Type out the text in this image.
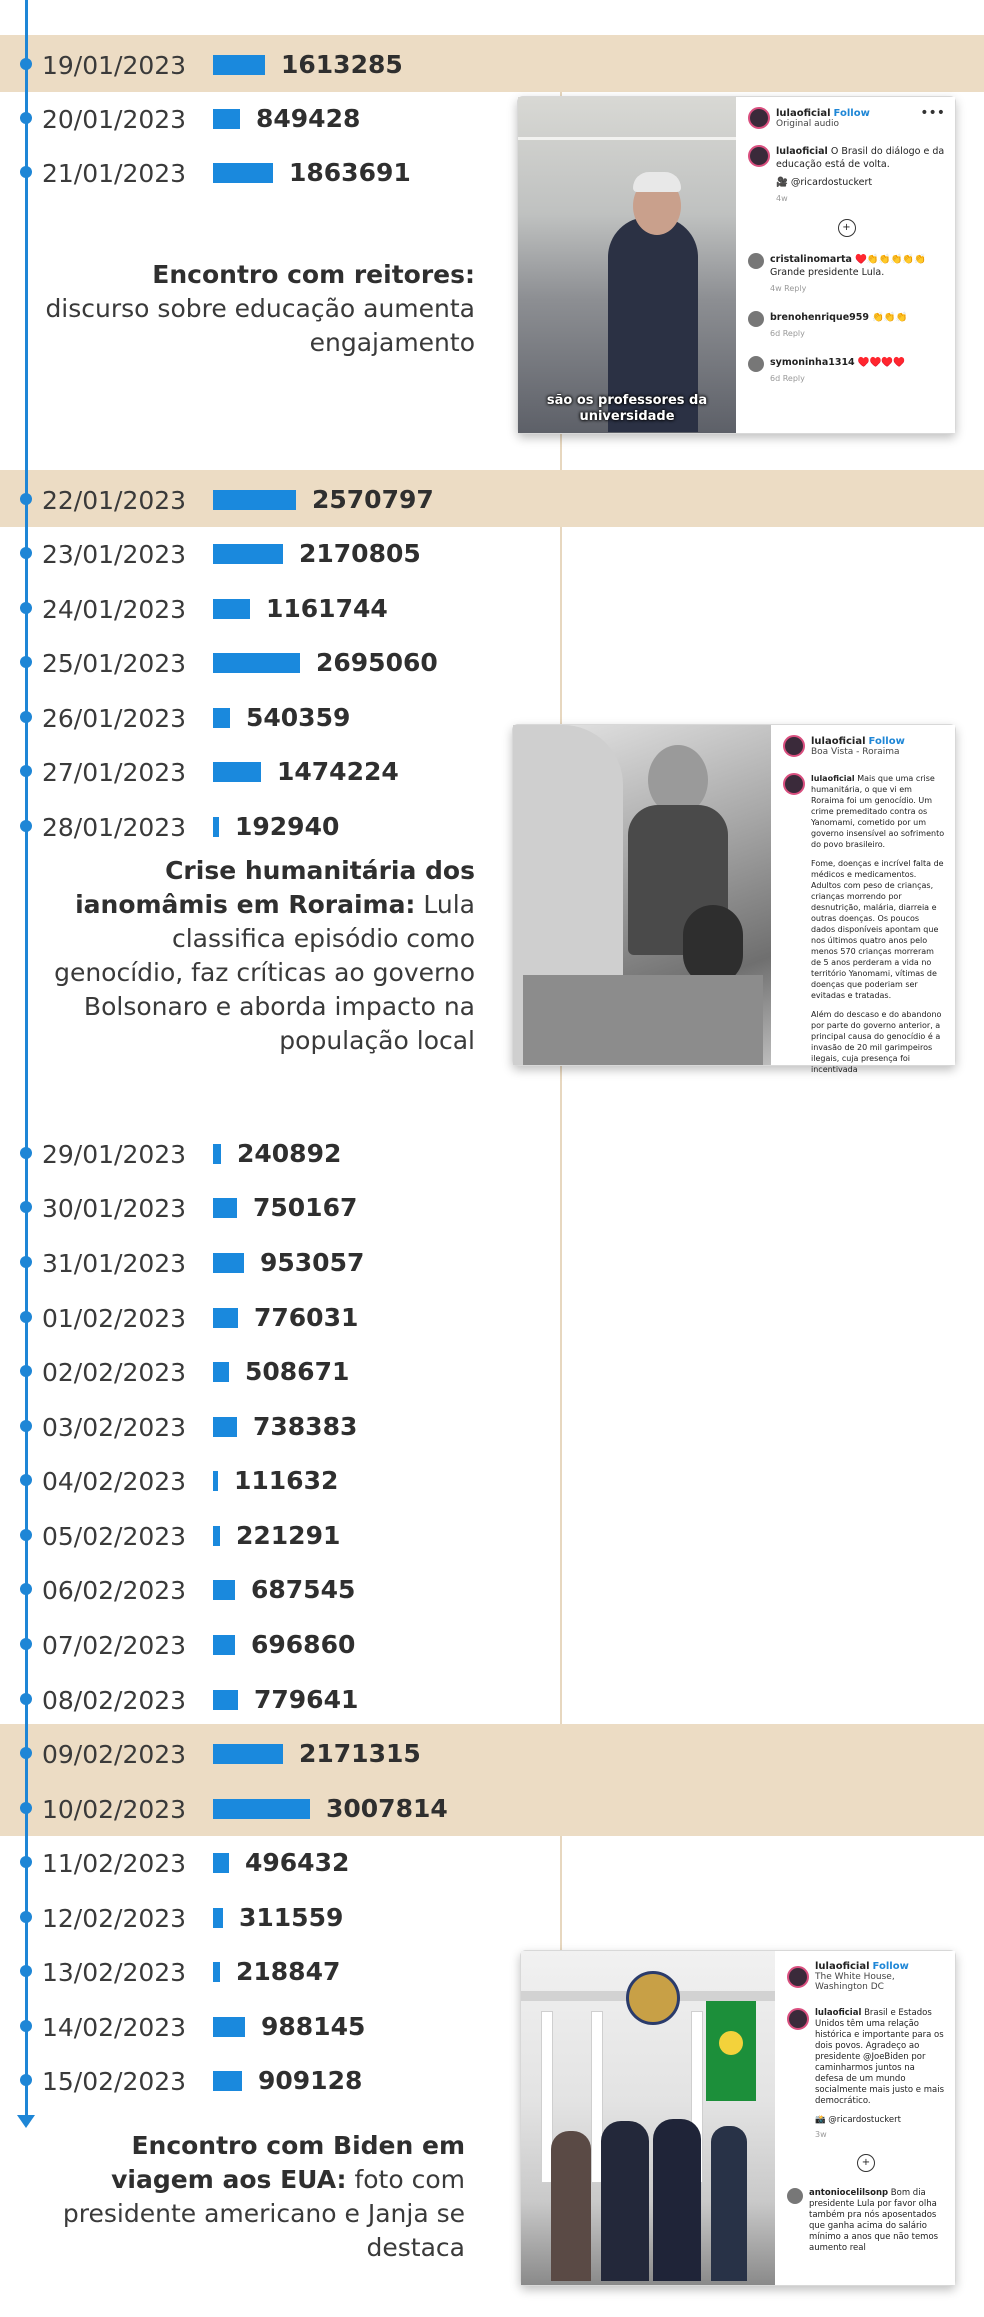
19/01/2023	1613285
20/01/2023	849428
21/01/2023	1863691
22/01/2023	2570797
23/01/2023	2170805
24/01/2023	1161744
25/01/2023	2695060
26/01/2023 540359
27/01/2023	1474224
28/01/2023 192940
29/01/2023 240892
30/01/2023	750167
31/01/2023	953057
01/02/2023	776031
02/02/2023 508671
03/02/2023	738383
04/02/2023 111632
05/02/2023 221291
06/02/2023	687545
07/02/2023	696860
08/02/2023	779641
09/02/2023	2171315
10/02/2023	3007814
11/02/2023 496432
12/02/2023 311559
13/02/2023 218847
14/02/2023	988145
15/02/2023	909128
Encontro com reitores: discurso sobre educação aumenta engajamento
são os professores da universidade
•••
lulaoficial Follow
Original audio
lulaoficial O Brasil do diálogo e da educação está de volta.
🎥 @ricardostuckert
4w
+
cristalinomarta ♥️👏👏👏👏👏 Grande presidente Lula.
4w Reply
brenohenrique959 👏👏👏
6d Reply
symoninha1314 ♥️♥️♥️♥️
6d Reply
Crise humanitária dos ianomâmis em Roraima: Lula classifica episódio como genocídio, faz críticas ao governo Bolsonaro e aborda impacto na população local
lulaoficial Follow
Boa Vista - Roraima
lulaoficial Mais que uma crise humanitária, o que vi em Roraima foi um genocídio. Um crime premeditado contra os Yanomami, cometido por um governo insensível ao sofrimento do povo brasileiro.
Fome, doenças e incrível falta de médicos e medicamentos. Adultos com peso de crianças, crianças morrendo por desnutrição, malária, diarreia e outras doenças. Os poucos dados disponíveis apontam que nos últimos quatro anos pelo menos 570 crianças morreram de 5 anos perderam a vida no território Yanomami, vítimas de doenças que poderiam ser evitadas e tratadas.
Além do descaso e do abandono por parte do governo anterior, a principal causa do genocídio é a invasão de 20 mil garimpeiros ilegais, cuja presença foi incentivada
Encontro com Biden em viagem aos EUA: foto com presidente americano e Janja se destaca
lulaoficial Follow
The White House, Washington DC
lulaoficial Brasil e Estados Unidos têm uma relação histórica e importante para os dois povos. Agradeço ao presidente @JoeBiden por caminharmos juntos na defesa de um mundo socialmente mais justo e mais democrático.
📸 @ricardostuckert
3w
+
antoniocelilsonp Bom dia presidente Lula por favor olha também pra nós aposentados que ganha acima do salário mínimo a anos que não temos aumento real
